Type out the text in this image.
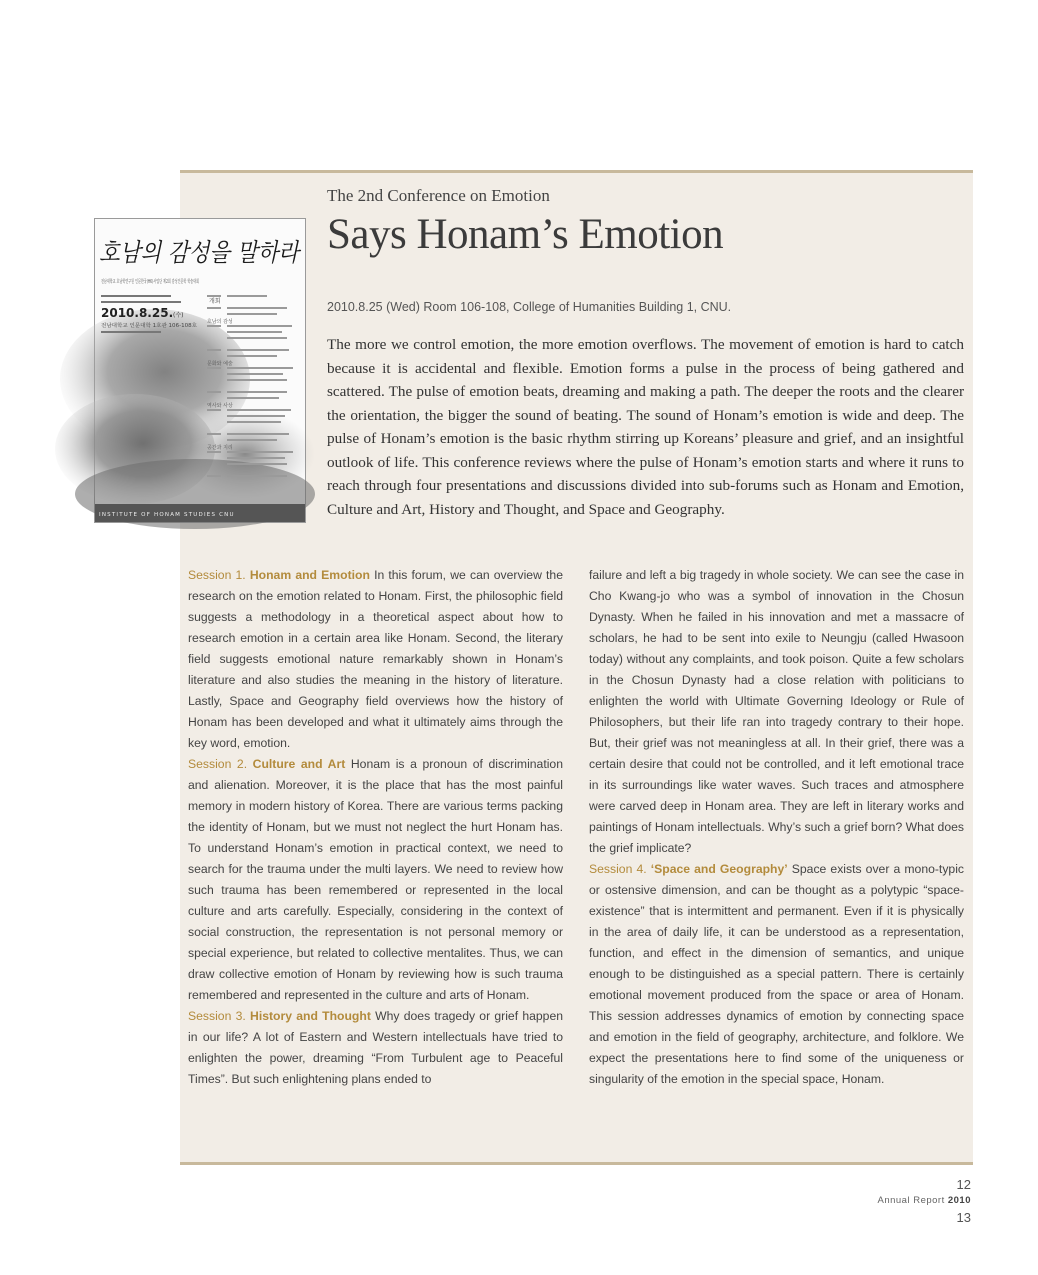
개회
호남의 감성
문화와 예술
역사와 사상
공간과 지리
호남의 감성을 말하라
전남대학교 호남학연구원 인문한국(HK)사업단 제2회 감성인문학 학술대회
2010.8.25. (수)
전남대학교 인문대학 1호관 106-108호
INSTITUTE OF HONAM STUDIES CNU

The 2nd Conference on Emotion

Says Honam’s Emotion

2010.8.25 (Wed) Room 106-108, College of Humanities Building 1, CNU.

The more we control emotion, the more emotion overflows. The movement of emotion is hard to catch because it is accidental and flexible. Emotion forms a pulse in the process of being gathered and scattered. The pulse of emotion beats, dreaming and making a path. The deeper the roots and the clearer the orientation, the bigger the sound of beating. The sound of Honam’s emotion is wide and deep. The pulse of Honam’s emotion is the basic rhythm stirring up Koreans’ pleasure and grief, and an insightful outlook of life. This conference reviews where the pulse of Honam’s emotion starts and where it runs to reach through four presentations and discussions divided into sub-forums such as Honam and Emotion, Culture and Art, History and Thought, and Space and Geography.

Session 1. Honam and Emotion In this forum, we can overview the research on the emotion related to Honam. First, the philosophic field suggests a methodology in a theoretical aspect about how to research emotion in a certain area like Honam. Second, the literary field suggests emotional nature remarkably shown in Honam’s literature and also studies the meaning in the history of literature. Lastly, Space and Geography field overviews how the history of Honam has been developed and what it ultimately aims through the key word, emotion.

Session 2. Culture and Art Honam is a pronoun of discrimination and alienation. Moreover, it is the place that has the most painful memory in modern history of Korea. There are various terms packing the identity of Honam, but we must not neglect the hurt Honam has. To understand Honam’s emotion in practical context, we need to search for the trauma under the multi layers. We need to review how such trauma has been remembered or represented in the local culture and arts carefully. Especially, considering in the context of social construction, the representation is not personal memory or special experience, but related to collective mentalites. Thus, we can draw collective emotion of Honam by reviewing how is such trauma remembered and represented in the culture and arts of Honam.

Session 3. History and Thought Why does tragedy or grief happen in our life? A lot of Eastern and Western intellectuals have tried to enlighten the power, dreaming “From Turbulent age to Peaceful Times”. But such enlightening plans ended to

failure and left a big tragedy in whole society. We can see the case in Cho Kwang-jo who was a symbol of innovation in the Chosun Dynasty. When he failed in his innovation and met a massacre of scholars, he had to be sent into exile to Neungju (called Hwasoon today) without any complaints, and took poison. Quite a few scholars in the Chosun Dynasty had a close relation with politicians to enlighten the world with Ultimate Governing Ideology or Rule of Philosophers, but their life ran into tragedy contrary to their hope. But, their grief was not meaningless at all. In their grief, there was a certain desire that could not be controlled, and it left emotional trace in its surroundings like water waves. Such traces and atmosphere were carved deep in Honam area. They are left in literary works and paintings of Honam intellectuals. Why’s such a grief born? What does the grief implicate?

Session 4. ‘Space and Geography’ Space exists over a mono-typic or ostensive dimension, and can be thought as a polytypic “space-existence” that is intermittent and permanent. Even if it is physically in the area of daily life, it can be understood as a representation, function, and effect in the dimension of semantics, and unique enough to be distinguished as a special pattern. There is certainly emotional movement produced from the space or area of Honam. This session addresses dynamics of emotion by connecting space and emotion in the field of geography, architecture, and folklore. We expect the presentations here to find some of the uniqueness or singularity of the emotion in the special space, Honam.

12
Annual Report 2010
13
